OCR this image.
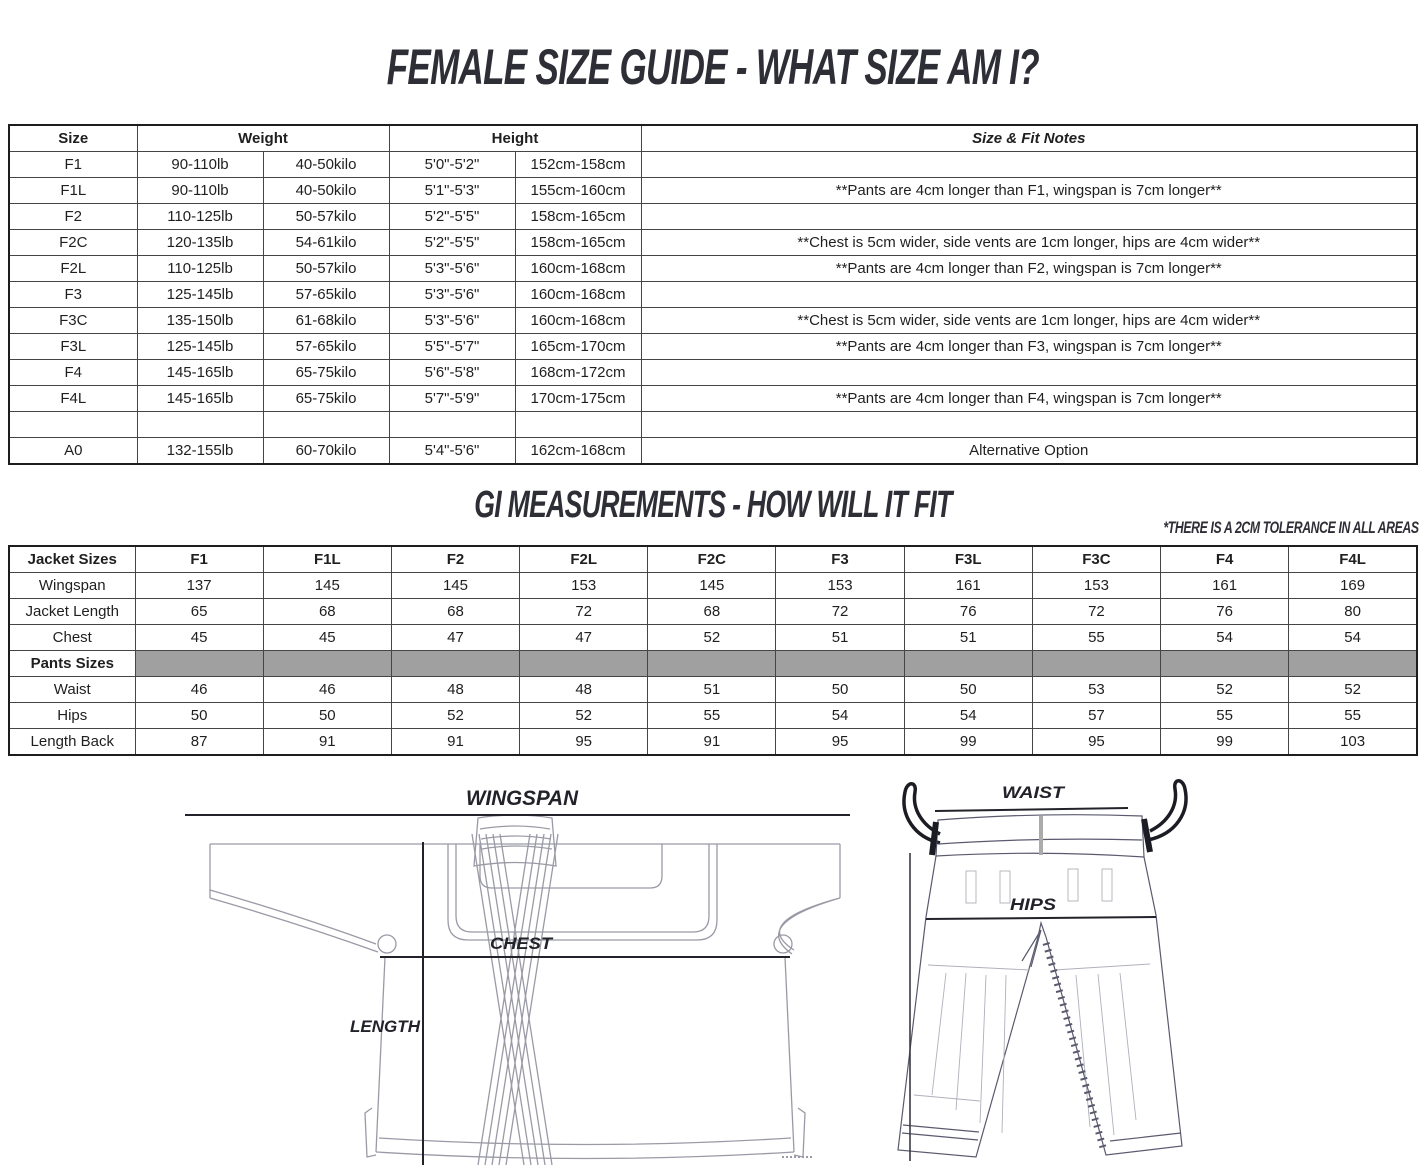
FEMALE SIZE GUIDE - WHAT SIZE AM I?
Size	Weight		Height		Size & Fit Notes
F1	90-110lb	40-50kilo	5'0"-5'2"	152cm-158cm	
F1L	90-110lb	40-50kilo	5'1"-5'3"	155cm-160cm	**Pants are 4cm longer than F1, wingspan is 7cm longer**
F2	110-125lb	50-57kilo	5'2"-5'5"	158cm-165cm	
F2C	120-135lb	54-61kilo	5'2"-5'5"	158cm-165cm	**Chest is 5cm wider, side vents are 1cm longer, hips are 4cm wider**
F2L	110-125lb	50-57kilo	5'3"-5'6"	160cm-168cm	**Pants are 4cm longer than F2, wingspan is 7cm longer**
F3	125-145lb	57-65kilo	5'3"-5'6"	160cm-168cm	
F3C	135-150lb	61-68kilo	5'3"-5'6"	160cm-168cm	**Chest is 5cm wider, side vents are 1cm longer, hips are 4cm wider**
F3L	125-145lb	57-65kilo	5'5"-5'7"	165cm-170cm	**Pants are 4cm longer than F3, wingspan is 7cm longer**
F4	145-165lb	65-75kilo	5'6"-5'8"	168cm-172cm	
F4L	145-165lb	65-75kilo	5'7"-5'9"	170cm-175cm	**Pants are 4cm longer than F4, wingspan is 7cm longer**

A0	132-155lb	60-70kilo	5'4"-5'6"	162cm-168cm	Alternative Option
GI MEASUREMENTS - HOW WILL IT FIT
*THERE IS A 2CM TOLERANCE IN ALL AREAS
Jacket Sizes	F1	F1L	F2	F2L	F2C	F3	F3L	F3C	F4	F4L
Wingspan	137	145	145	153	145	153	161	153	161	169
Jacket Length	65	68	68	72	68	72	76	72	76	80
Chest	45	45	47	47	52	51	51	55	54	54
Pants Sizes										
Waist	46	46	48	48	51	50	50	53	52	52
Hips	50	50	52	52	55	54	54	57	55	55
Length Back	87	91	91	95	91	95	99	95	99	103
WINGSPAN
CHEST
LENGTH
WAIST
HIPS
